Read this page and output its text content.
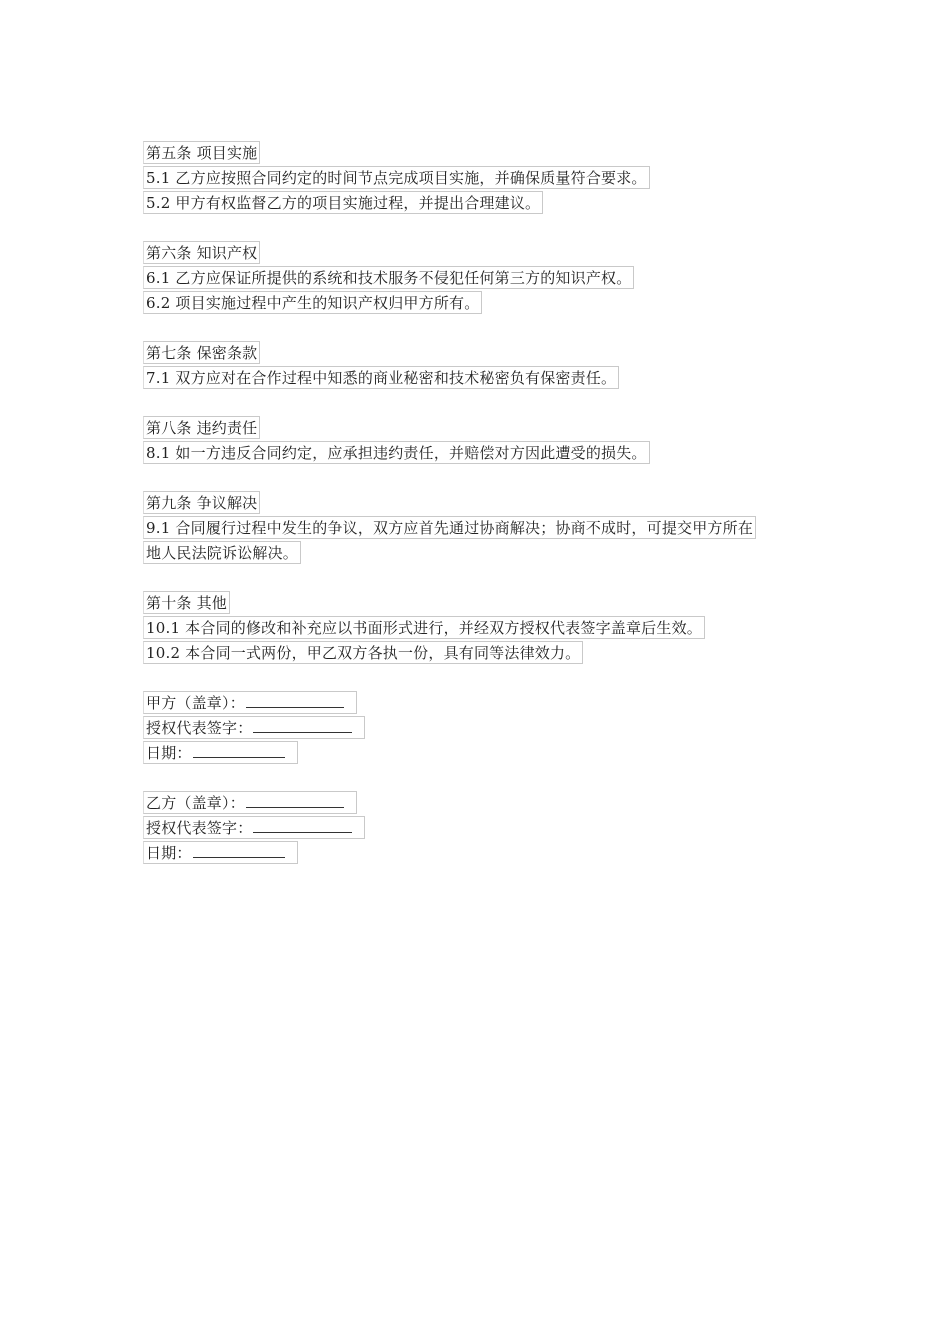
第五条 项目实施
5.1 乙方应按照合同约定的时间节点完成项目实施，并确保质量符合要求。
5.2 甲方有权监督乙方的项目实施过程，并提出合理建议。
第六条 知识产权
6.1 乙方应保证所提供的系统和技术服务不侵犯任何第三方的知识产权。
6.2 项目实施过程中产生的知识产权归甲方所有。
第七条 保密条款
7.1 双方应对在合作过程中知悉的商业秘密和技术秘密负有保密责任。
第八条 违约责任
8.1 如一方违反合同约定，应承担违约责任，并赔偿对方因此遭受的损失。
第九条 争议解决
9.1 合同履行过程中发生的争议，双方应首先通过协商解决；协商不成时，可提交甲方所在
地人民法院诉讼解决。
第十条 其他
10.1 本合同的修改和补充应以书面形式进行，并经双方授权代表签字盖章后生效。
10.2 本合同一式两份，甲乙双方各执一份，具有同等法律效力。
甲方（盖章）：
授权代表签字：
日期：
乙方（盖章）：
授权代表签字：
日期：
